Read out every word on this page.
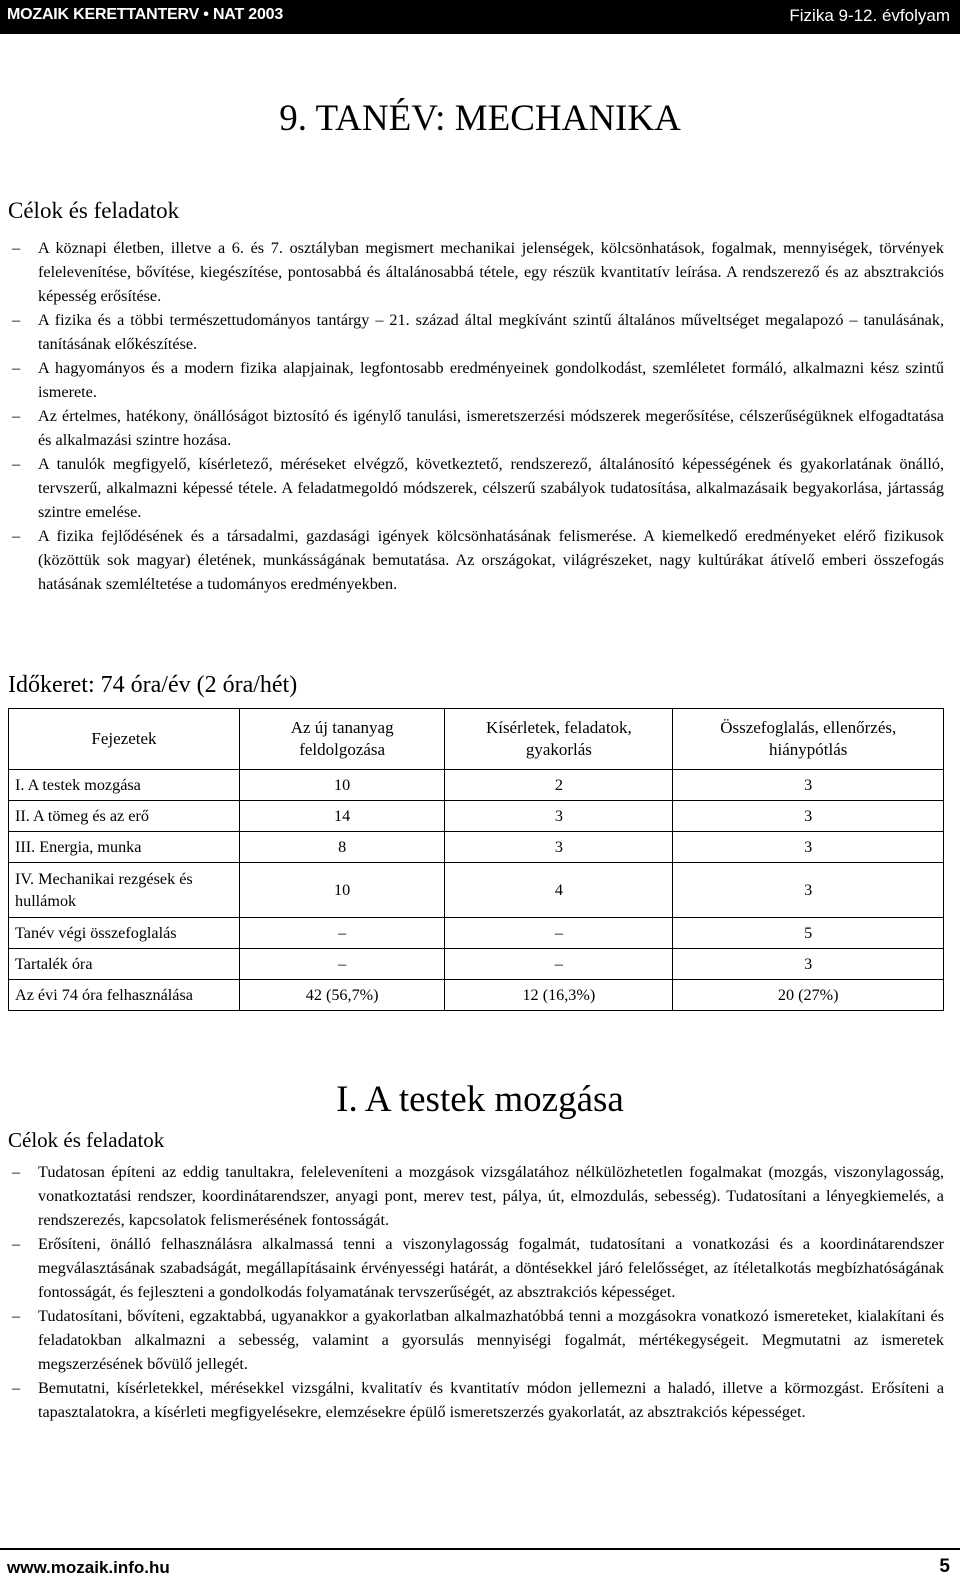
MOZAIK KERETTANTERV • NAT 2003	Fizika 9-12. évfolyam
9. TANÉV: MECHANIKA
Célok és feladatok
– A köznapi életben, illetve a 6. és 7. osztályban megismert mechanikai jelenségek, kölcsönhatások, fogalmak, mennyiségek, törvények felelevenítése, bővítése, kiegészítése, pontosabbá és általánosabbá tétele, egy részük kvantitatív leírása. A rendszerező és az absztrakciós képesség erősítése.
– A fizika és a többi természettudományos tantárgy – 21. század által megkívánt szintű általános műveltséget megalapozó – tanulásának, tanításának előkészítése.
– A hagyományos és a modern fizika alapjainak, legfontosabb eredményeinek gondolkodást, szemléletet formáló, alkalmazni kész szintű ismerete.
– Az értelmes, hatékony, önállóságot biztosító és igénylő tanulási, ismeretszerzési módszerek megerősítése, célszerűségüknek elfogadtatása és alkalmazási szintre hozása.
– A tanulók megfigyelő, kísérletező, méréseket elvégző, következtető, rendszerező, általánosító képességének és gyakorlatának önálló, tervszerű, alkalmazni képessé tétele. A feladatmegoldó módszerek, célszerű szabályok tudatosítása, alkalmazásaik begyakorlása, jártasság szintre emelése.
– A fizika fejlődésének és a társadalmi, gazdasági igények kölcsönhatásának felismerése. A kiemelkedő eredményeket elérő fizikusok (közöttük sok magyar) életének, munkásságának bemutatása. Az országokat, világrészeket, nagy kultúrákat átívelő emberi összefogás hatásának szemléltetése a tudományos eredményekben.
Időkeret: 74 óra/év (2 óra/hét)
Fejezetek	Az új tananyag feldolgozása	Kísérletek, feladatok, gyakorlás	Összefoglalás, ellenőrzés, hiánypótlás
I. A testek mozgása	10	2	3
II. A tömeg és az erő	14	3	3
III. Energia, munka	8	3	3
IV. Mechanikai rezgések és hullámok	10	4	3
Tanév végi összefoglalás	–	–	5
Tartalék óra	–	–	3
Az évi 74 óra felhasználása	42 (56,7%)	12 (16,3%)	20 (27%)
I. A testek mozgása
Célok és feladatok
– Tudatosan építeni az eddig tanultakra, feleleveníteni a mozgások vizsgálatához nélkülözhetetlen fogalmakat (mozgás, viszonylagosság, vonatkoztatási rendszer, koordinátarendszer, anyagi pont, merev test, pálya, út, elmozdulás, sebesség). Tudatosítani a lényegkiemelés, a rendszerezés, kapcsolatok felismerésének fontosságát.
– Erősíteni, önálló felhasználásra alkalmassá tenni a viszonylagosság fogalmát, tudatosítani a vonatkozási és a koordinátarendszer megválasztásának szabadságát, megállapításaink érvényességi határát, a döntésekkel járó felelősséget, az ítéletalkotás megbízhatóságának fontosságát, és fejleszteni a gondolkodás folyamatának tervszerűségét, az absztrakciós képességet.
– Tudatosítani, bővíteni, egzaktabbá, ugyanakkor a gyakorlatban alkalmazhatóbbá tenni a mozgásokra vonatkozó ismereteket, kialakítani és feladatokban alkalmazni a sebesség, valamint a gyorsulás mennyiségi fogalmát, mértékegységeit. Megmutatni az ismeretek megszerzésének bővülő jellegét.
– Bemutatni, kísérletekkel, mérésekkel vizsgálni, kvalitatív és kvantitatív módon jellemezni a haladó, illetve a körmozgást. Erősíteni a tapasztalatokra, a kísérleti megfigyelésekre, elemzésekre épülő ismeretszerzés gyakorlatát, az absztrakciós képességet.
www.mozaik.info.hu	5
